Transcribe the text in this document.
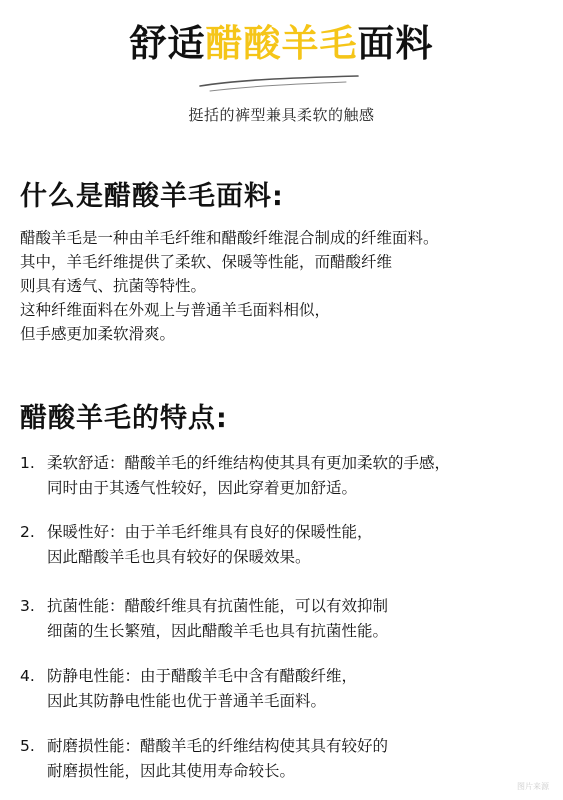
舒适醋酸羊毛面料
挺括的裤型兼具柔软的触感
什么是醋酸羊毛面料:
醋酸羊毛是一种由羊毛纤维和醋酸纤维混合制成的纤维面料。
其中，羊毛纤维提供了柔软、保暖等性能，而醋酸纤维
则具有透气、抗菌等特性。
这种纤维面料在外观上与普通羊毛面料相似，
但手感更加柔软滑爽。
醋酸羊毛的特点:
1. 柔软舒适：醋酸羊毛的纤维结构使其具有更加柔软的手感，
同时由于其透气性较好，因此穿着更加舒适。
2. 保暖性好：由于羊毛纤维具有良好的保暖性能，
因此醋酸羊毛也具有较好的保暖效果。
3. 抗菌性能：醋酸纤维具有抗菌性能，可以有效抑制
细菌的生长繁殖，因此醋酸羊毛也具有抗菌性能。
4. 防静电性能：由于醋酸羊毛中含有醋酸纤维，
因此其防静电性能也优于普通羊毛面料。
5. 耐磨损性能：醋酸羊毛的纤维结构使其具有较好的
耐磨损性能，因此其使用寿命较长。
图片来源
